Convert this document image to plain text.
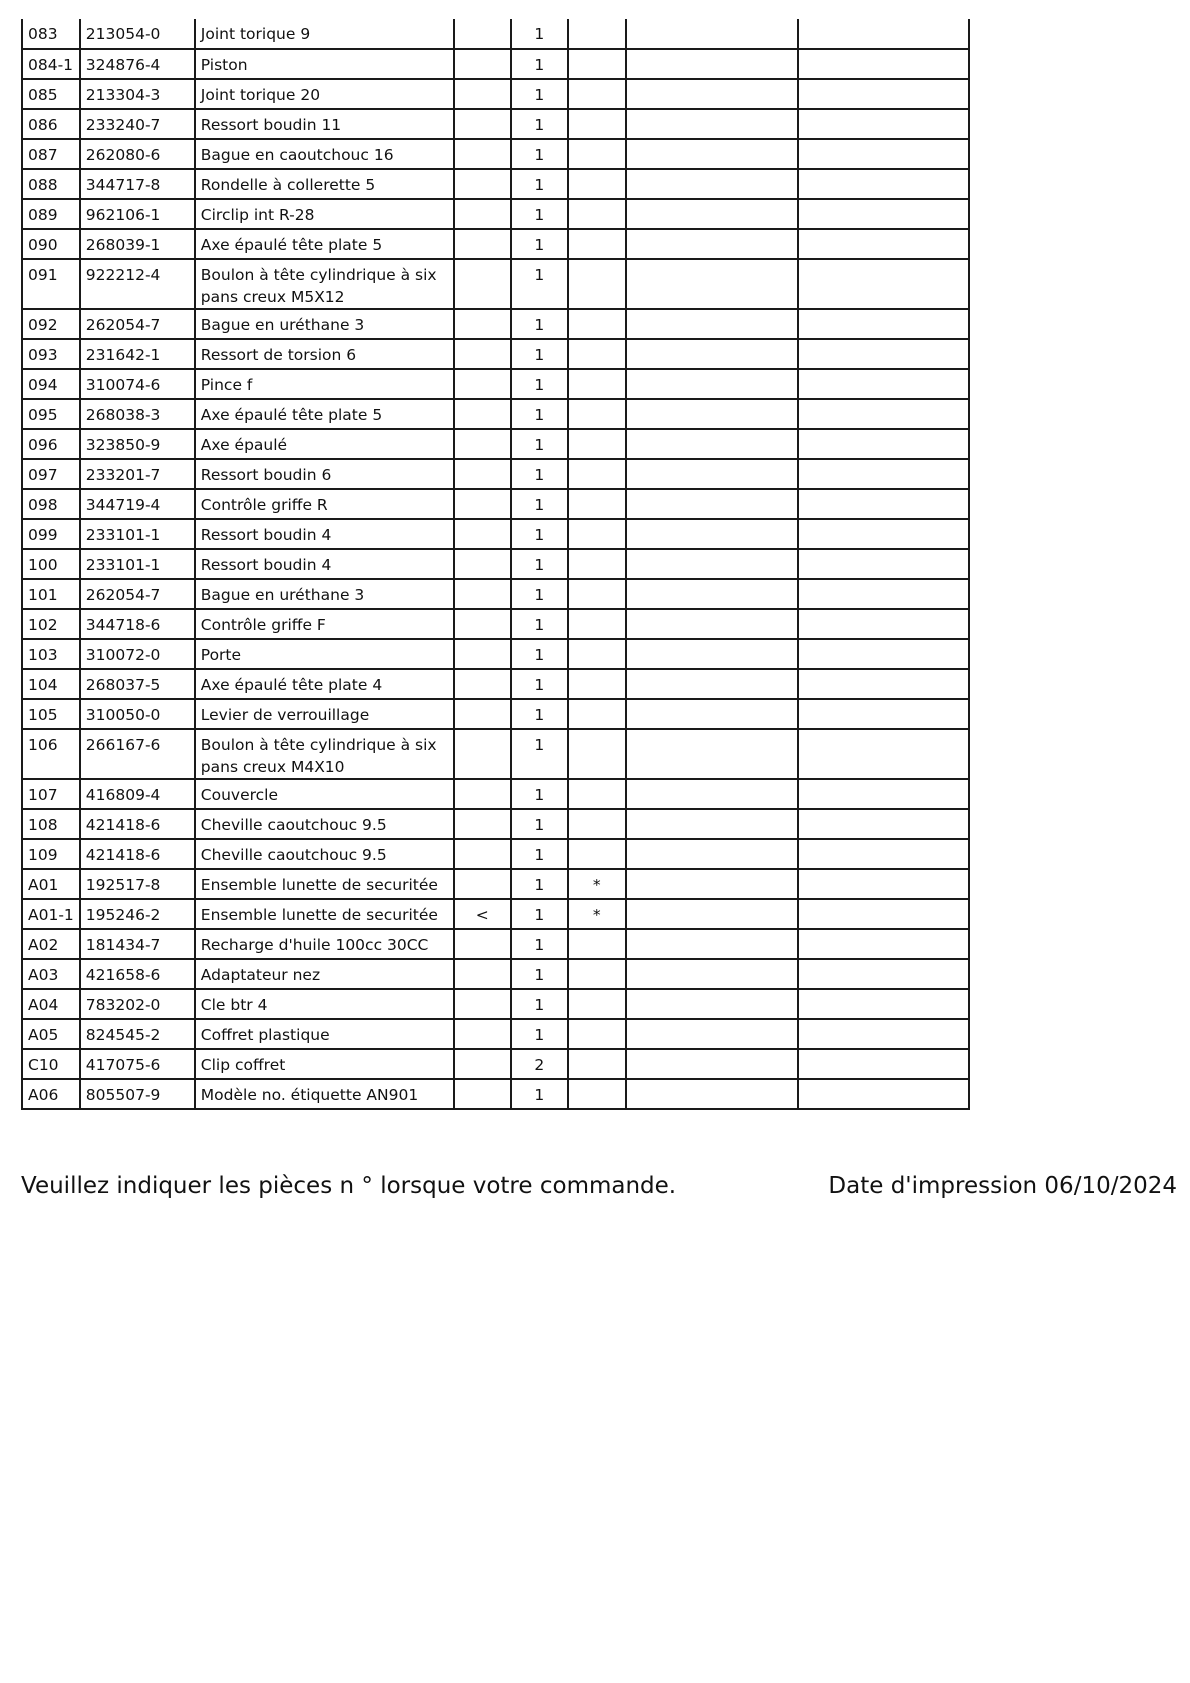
083	213054-0	Joint torique 9		1			
084-1	324876-4	Piston		1			
085	213304-3	Joint torique 20		1			
086	233240-7	Ressort boudin 11		1			
087	262080-6	Bague en caoutchouc 16		1			
088	344717-8	Rondelle à collerette 5		1			
089	962106-1	Circlip int R-28		1			
090	268039-1	Axe épaulé tête plate 5		1			
091	922212-4	Boulon à tête cylindrique à six pans creux M5X12		1			
092	262054-7	Bague en uréthane 3		1			
093	231642-1	Ressort de torsion 6		1			
094	310074-6	Pince f		1			
095	268038-3	Axe épaulé tête plate 5		1			
096	323850-9	Axe épaulé		1			
097	233201-7	Ressort boudin 6		1			
098	344719-4	Contrôle griffe R		1			
099	233101-1	Ressort boudin 4		1			
100	233101-1	Ressort boudin 4		1			
101	262054-7	Bague en uréthane 3		1			
102	344718-6	Contrôle griffe F		1			
103	310072-0	Porte		1			
104	268037-5	Axe épaulé tête plate 4		1			
105	310050-0	Levier de verrouillage		1			
106	266167-6	Boulon à tête cylindrique à six pans creux M4X10		1			
107	416809-4	Couvercle		1			
108	421418-6	Cheville caoutchouc 9.5		1			
109	421418-6	Cheville caoutchouc 9.5		1			
A01	192517-8	Ensemble lunette de securitée		1	*		
A01-1	195246-2	Ensemble lunette de securitée	<	1	*		
A02	181434-7	Recharge d'huile 100cc 30CC		1			
A03	421658-6	Adaptateur nez		1			
A04	783202-0	Cle btr 4		1			
A05	824545-2	Coffret plastique		1			
C10	417075-6	Clip coffret		2			
A06	805507-9	Modèle no. étiquette AN901		1			
Veuillez indiquer les pièces n ° lorsque votre commande.	Date d'impression 06/10/2024
